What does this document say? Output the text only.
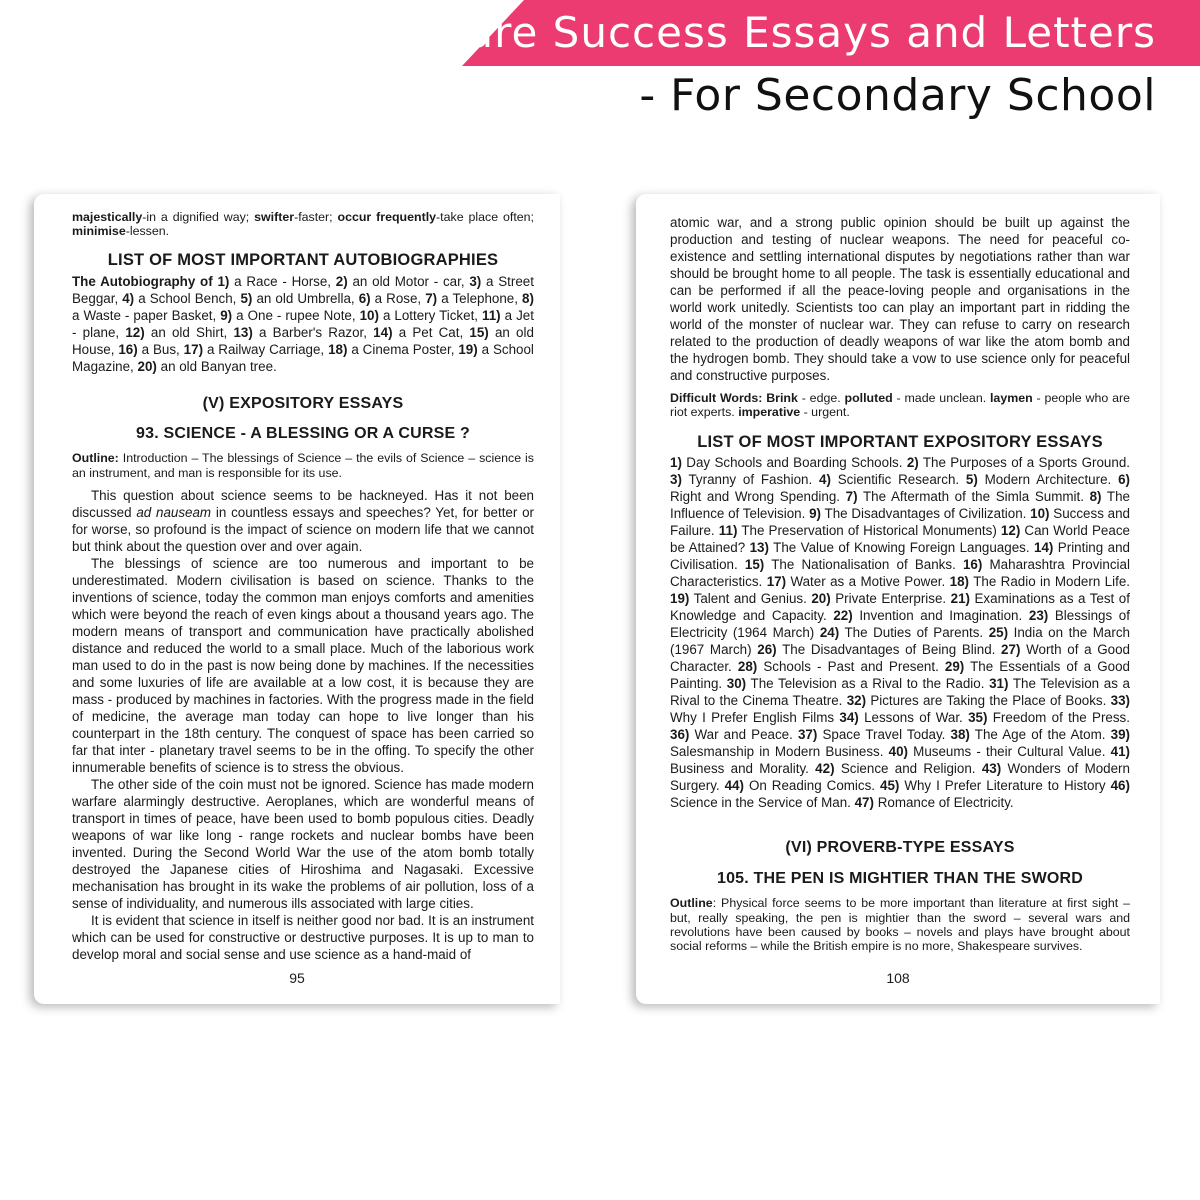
Sure Success Essays and Letters
- For Secondary School

majestically-in a dignified way; swifter-faster; occur frequently-take place often; minimise-lessen.

LIST OF MOST IMPORTANT AUTOBIOGRAPHIES

The Autobiography of 1) a Race - Horse, 2) an old Motor - car, 3) a Street Beggar, 4) a School Bench, 5) an old Umbrella, 6) a Rose, 7) a Telephone, 8) a Waste - paper Basket, 9) a One - rupee Note, 10) a Lottery Ticket, 11) a Jet - plane, 12) an old Shirt, 13) a Barber's Razor, 14) a Pet Cat, 15) an old House, 16) a Bus, 17) a Railway Carriage, 18) a Cinema Poster, 19) a School Magazine, 20) an old Banyan tree.

(V) EXPOSITORY ESSAYS
93. SCIENCE - A BLESSING OR A CURSE ?

Outline: Introduction – The blessings of Science – the evils of Science – science is an instrument, and man is responsible for its use.

This question about science seems to be hackneyed. Has it not been discussed ad nauseam in countless essays and speeches? Yet, for better or for worse, so profound is the impact of science on modern life that we cannot but think about the question over and over again.

The blessings of science are too numerous and important to be underestimated. Modern civilisation is based on science. Thanks to the inventions of science, today the common man enjoys comforts and amenities which were beyond the reach of even kings about a thousand years ago. The modern means of transport and communication have practically abolished distance and reduced the world to a small place. Much of the laborious work man used to do in the past is now being done by machines. If the necessities and some luxuries of life are available at a low cost, it is because they are mass - produced by machines in factories. With the progress made in the field of medicine, the average man today can hope to live longer than his counterpart in the 18th century. The conquest of space has been carried so far that inter - planetary travel seems to be in the offing. To specify the other innumerable benefits of science is to stress the obvious.

The other side of the coin must not be ignored. Science has made modern warfare alarmingly destructive. Aeroplanes, which are wonderful means of transport in times of peace, have been used to bomb populous cities. Deadly weapons of war like long - range rockets and nuclear bombs have been invented. During the Second World War the use of the atom bomb totally destroyed the Japanese cities of Hiroshima and Nagasaki. Excessive mechanisation has brought in its wake the problems of air pollution, loss of a sense of individuality, and numerous ills associated with large cities.

It is evident that science in itself is neither good nor bad. It is an instrument which can be used for constructive or destructive purposes. It is up to man to develop moral and social sense and use science as a hand-maid of

95

atomic war, and a strong public opinion should be built up against the production and testing of nuclear weapons. The need for peaceful co-existence and settling international disputes by negotiations rather than war should be brought home to all people. The task is essentially educational and can be performed if all the peace-loving people and organisations in the world work unitedly. Scientists too can play an important part in ridding the world of the monster of nuclear war. They can refuse to carry on research related to the production of deadly weapons of war like the atom bomb and the hydrogen bomb. They should take a vow to use science only for peaceful and constructive purposes.

Difficult Words: Brink - edge. polluted - made unclean. laymen - people who are riot experts. imperative - urgent.

LIST OF MOST IMPORTANT EXPOSITORY ESSAYS

1) Day Schools and Boarding Schools. 2) The Purposes of a Sports Ground. 3) Tyranny of Fashion. 4) Scientific Research. 5) Modern Architecture. 6) Right and Wrong Spending. 7) The Aftermath of the Simla Summit. 8) The Influence of Television. 9) The Disadvantages of Civilization. 10) Success and Failure. 11) The Preservation of Historical Monuments) 12) Can World Peace be Attained? 13) The Value of Knowing Foreign Languages. 14) Printing and Civilisation. 15) The Nationalisation of Banks. 16) Maharashtra Provincial Characteristics. 17) Water as a Motive Power. 18) The Radio in Modern Life. 19) Talent and Genius. 20) Private Enterprise. 21) Examinations as a Test of Knowledge and Capacity. 22) Invention and Imagination. 23) Blessings of Electricity (1964 March) 24) The Duties of Parents. 25) India on the March (1967 March) 26) The Disadvantages of Being Blind. 27) Worth of a Good Character. 28) Schools - Past and Present. 29) The Essentials of a Good Painting. 30) The Television as a Rival to the Radio. 31) The Television as a Rival to the Cinema Theatre. 32) Pictures are Taking the Place of Books. 33) Why I Prefer English Films 34) Lessons of War. 35) Freedom of the Press. 36) War and Peace. 37) Space Travel Today. 38) The Age of the Atom. 39) Salesmanship in Modern Business. 40) Museums - their Cultural Value. 41) Business and Morality. 42) Science and Religion. 43) Wonders of Modern Surgery. 44) On Reading Comics. 45) Why I Prefer Literature to History 46) Science in the Service of Man. 47) Romance of Electricity.

(VI) PROVERB-TYPE ESSAYS
105. THE PEN IS MIGHTIER THAN THE SWORD

Outline: Physical force seems to be more important than literature at first sight – but, really speaking, the pen is mightier than the sword – several wars and revolutions have been caused by books – novels and plays have brought about social reforms – while the British empire is no more, Shakespeare survives.

108
